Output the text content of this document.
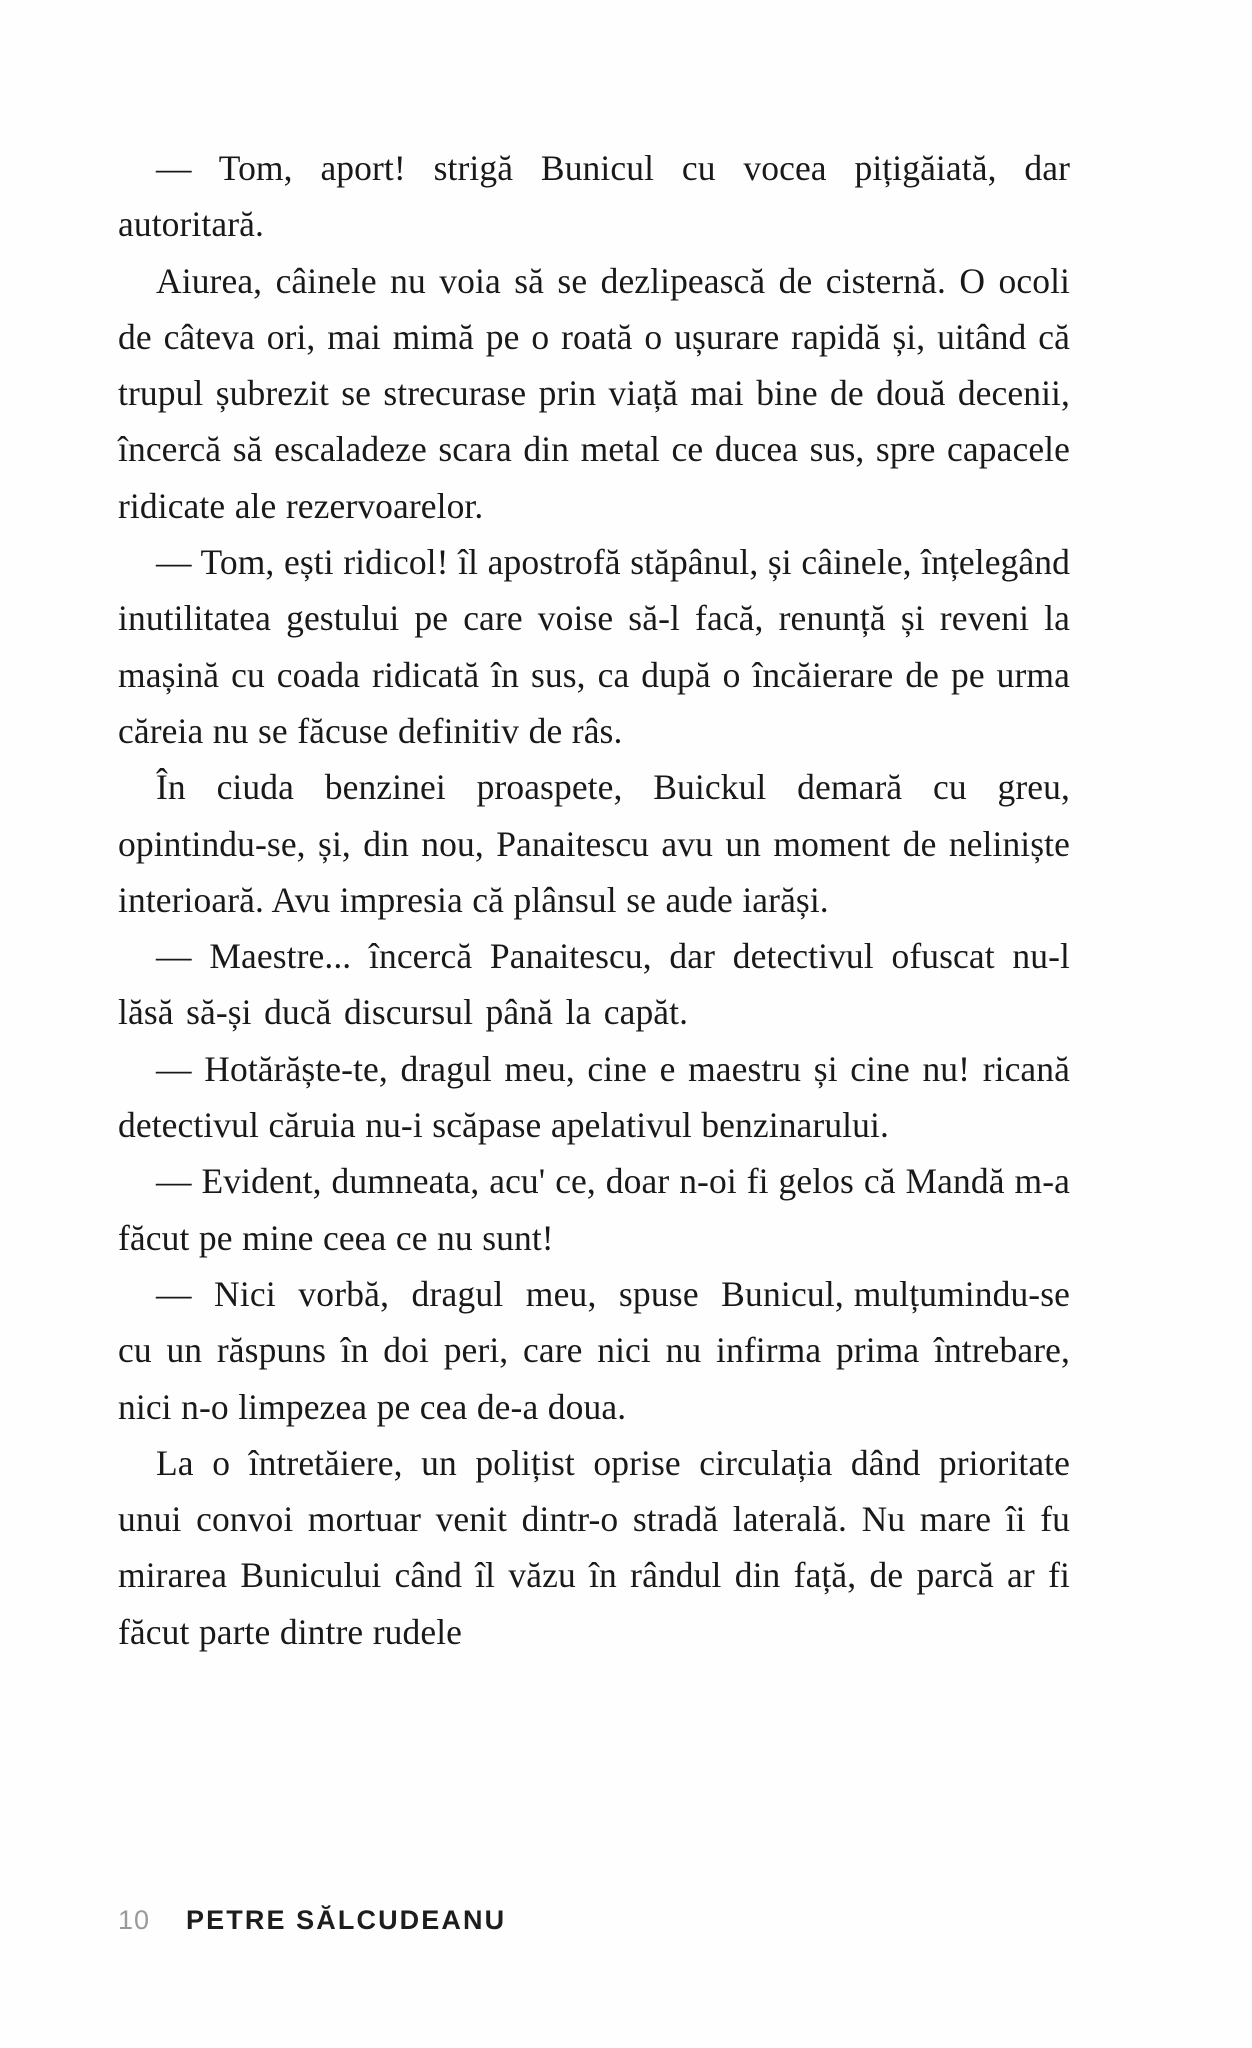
— Tom, aport! strigă Bunicul cu vocea pițigăiată, dar autoritară.

Aiurea, câinele nu voia să se dezlipească de cisternă. O ocoli de câteva ori, mai mimă pe o roată o ușurare rapidă și, uitând că trupul șubrezit se strecurase prin viață mai bine de două decenii, încercă să escaladeze scara din metal ce ducea sus, spre capacele ridicate ale rezervoarelor.

— Tom, ești ridicol! îl apostrofă stăpânul, și câinele, înțelegând inutilitatea gestului pe care voise să-l facă, renunță și reveni la mașină cu coada ridicată în sus, ca după o încăierare de pe urma căreia nu se făcuse definitiv de râs.

În ciuda benzinei proaspete, Buickul demară cu greu, opintindu-se, și, din nou, Panaitescu avu un moment de neliniște interioară. Avu impresia că plânsul se aude iarăși.

— Maestre... încercă Panaitescu, dar detectivul ofuscat nu-l lăsă să-și ducă discursul până la capăt.

— Hotărăște-te, dragul meu, cine e maestru și cine nu! ricană detectivul căruia nu-i scăpase apelativul benzinarului.

— Evident, dumneata, acu' ce, doar n-oi fi gelos că Mandă m-a făcut pe mine ceea ce nu sunt!

— Nici vorbă, dragul meu, spuse Bunicul, mulțumindu-se cu un răspuns în doi peri, care nici nu infirma prima întrebare, nici n-o limpezea pe cea de-a doua.

La o întretăiere, un polițist oprise circulația dând prioritate unui convoi mortuar venit dintr-o stradă laterală. Nu mare îi fu mirarea Bunicului când îl văzu în rândul din față, de parcă ar fi făcut parte dintre rudele

10 PETRE SĂLCUDEANU
